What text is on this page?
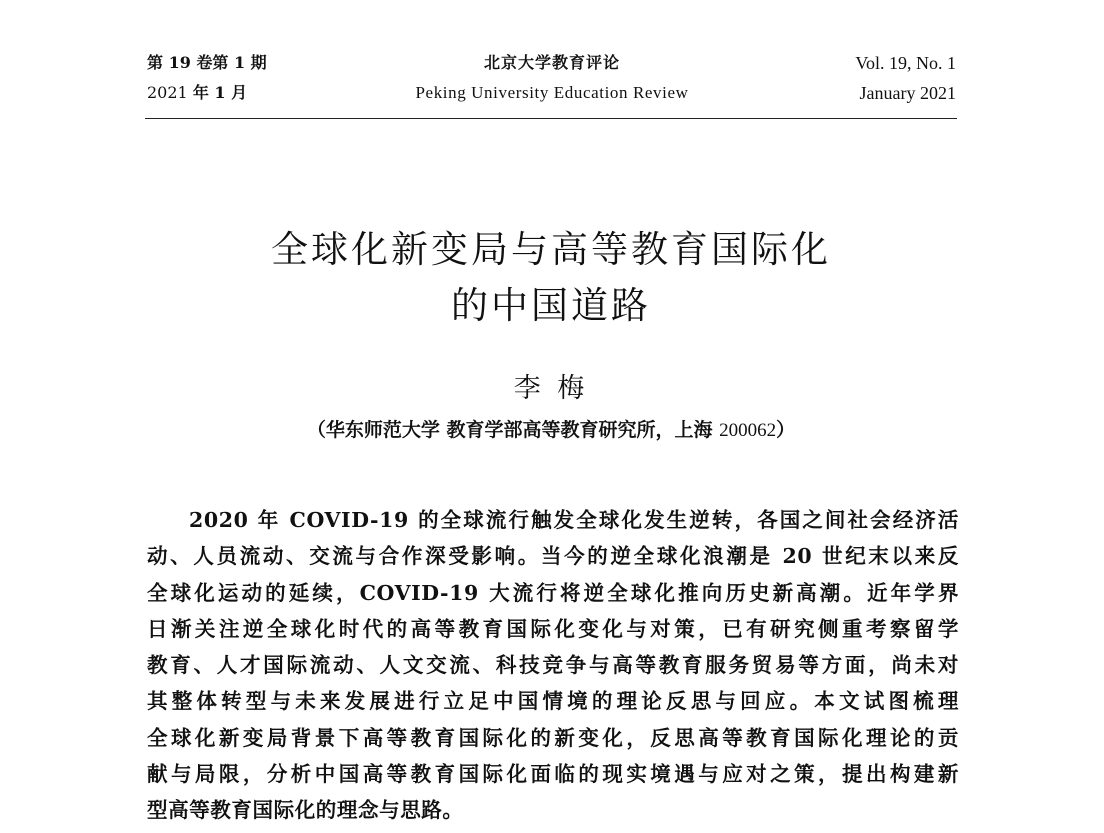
第 19 卷第 1 期
2021 年 1 月
北京大学教育评论
Peking University Education Review
Vol. 19, No. 1
January 2021
全球化新变局与高等教育国际化
的中国道路
李 梅
（华东师范大学 教育学部高等教育研究所，上海 200062）
2020 年 COVID-19 的全球流行触发全球化发生逆转，各国之间社会经济活
动、人员流动、交流与合作深受影响。当今的逆全球化浪潮是 20 世纪末以来反
全球化运动的延续，COVID-19 大流行将逆全球化推向历史新高潮。近年学界
日渐关注逆全球化时代的高等教育国际化变化与对策，已有研究侧重考察留学
教育、人才国际流动、人文交流、科技竞争与高等教育服务贸易等方面，尚未对
其整体转型与未来发展进行立足中国情境的理论反思与回应。本文试图梳理
全球化新变局背景下高等教育国际化的新变化，反思高等教育国际化理论的贡
献与局限，分析中国高等教育国际化面临的现实境遇与应对之策，提出构建新
型高等教育国际化的理念与思路。
